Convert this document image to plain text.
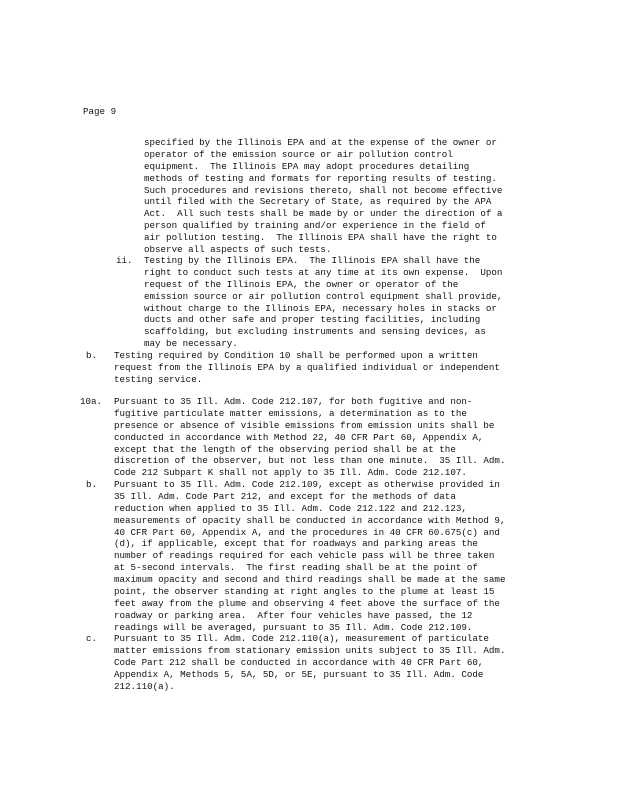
Page 9
specified by the Illinois EPA and at the expense of the owner or
operator of the emission source or air pollution control
equipment.  The Illinois EPA may adopt procedures detailing
methods of testing and formats for reporting results of testing.
Such procedures and revisions thereto, shall not become effective
until filed with the Secretary of State, as required by the APA
Act.  All such tests shall be made by or under the direction of a
person qualified by training and/or experience in the field of
air pollution testing.  The Illinois EPA shall have the right to
observe all aspects of such tests.
ii. Testing by the Illinois EPA.  The Illinois EPA shall have the
right to conduct such tests at any time at its own expense.  Upon
request of the Illinois EPA, the owner or operator of the
emission source or air pollution control equipment shall provide,
without charge to the Illinois EPA, necessary holes in stacks or
ducts and other safe and proper testing facilities, including
scaffolding, but excluding instruments and sensing devices, as
may be necessary.
b. Testing required by Condition 10 shall be performed upon a written
request from the Illinois EPA by a qualified individual or independent
testing service.
10a. Pursuant to 35 Ill. Adm. Code 212.107, for both fugitive and non-
fugitive particulate matter emissions, a determination as to the
presence or absence of visible emissions from emission units shall be
conducted in accordance with Method 22, 40 CFR Part 60, Appendix A,
except that the length of the observing period shall be at the
discretion of the observer, but not less than one minute.  35 Ill. Adm.
Code 212 Subpart K shall not apply to 35 Ill. Adm. Code 212.107.
b. Pursuant to 35 Ill. Adm. Code 212.109, except as otherwise provided in
35 Ill. Adm. Code Part 212, and except for the methods of data
reduction when applied to 35 Ill. Adm. Code 212.122 and 212.123,
measurements of opacity shall be conducted in accordance with Method 9,
40 CFR Part 60, Appendix A, and the procedures in 40 CFR 60.675(c) and
(d), if applicable, except that for roadways and parking areas the
number of readings required for each vehicle pass will be three taken
at 5-second intervals.  The first reading shall be at the point of
maximum opacity and second and third readings shall be made at the same
point, the observer standing at right angles to the plume at least 15
feet away from the plume and observing 4 feet above the surface of the
roadway or parking area.  After four vehicles have passed, the 12
readings will be averaged, pursuant to 35 Ill. Adm. Code 212.109.
c. Pursuant to 35 Ill. Adm. Code 212.110(a), measurement of particulate
matter emissions from stationary emission units subject to 35 Ill. Adm.
Code Part 212 shall be conducted in accordance with 40 CFR Part 60,
Appendix A, Methods 5, 5A, 5D, or 5E, pursuant to 35 Ill. Adm. Code
212.110(a).
